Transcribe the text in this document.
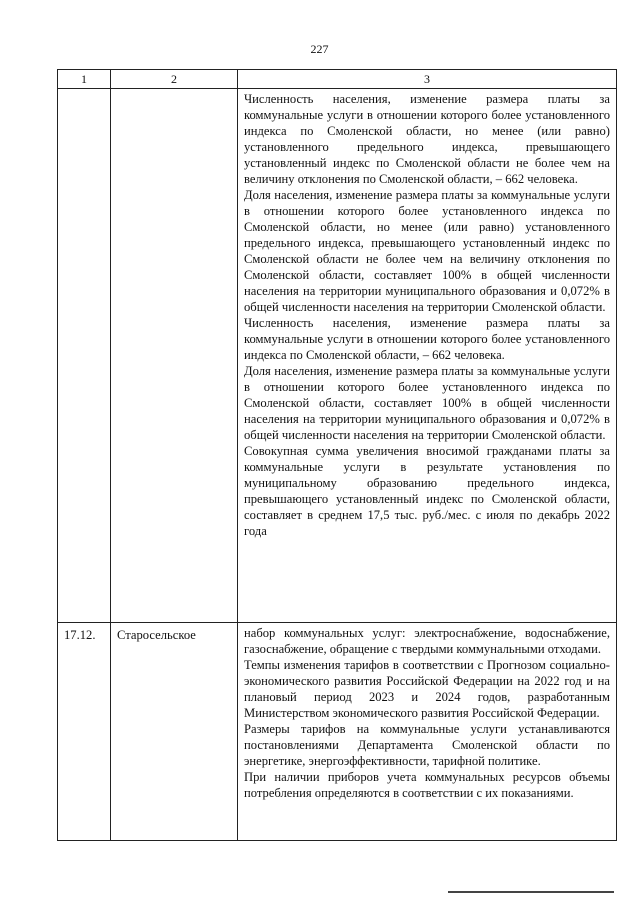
227
1	2	3

		Численность населения, изменение размера платы за коммунальные услуги в отношении которого более установленного индекса по Смоленской области, но менее (или равно) установленного предельного индекса, превышающего установленный индекс по Смоленской области не более чем на величину отклонения по Смоленской области, – 662 человека.

Доля населения, изменение размера платы за коммунальные услуги в отношении которого более установленного индекса по Смоленской области, но менее (или равно) установленного предельного индекса, превышающего установленный индекс по Смоленской области не более чем на величину отклонения по Смоленской области, составляет 100% в общей численности населения на территории муниципального образования и 0,072% в общей численности населения на территории Смоленской области.

Численность населения, изменение размера платы за коммунальные услуги в отношении которого более установленного индекса по Смоленской области, – 662 человека.

Доля населения, изменение размера платы за коммунальные услуги в отношении которого более установленного индекса по Смоленской области, составляет 100% в общей численности населения на территории муниципального образования и 0,072% в общей численности населения на территории Смоленской области.

Совокупная сумма увеличения вносимой гражданами платы за коммунальные услуги в результате установления по муниципальному образованию предельного индекса, превышающего установленный индекс по Смоленской области, составляет в среднем 17,5 тыс. руб./мес. с июля по декабрь 2022 года

17.12.	Старосельское	набор коммунальных услуг: электроснабжение, водоснабжение, газоснабжение, обращение с твердыми коммунальными отходами.

Темпы изменения тарифов в соответствии с Прогнозом социально-экономического развития Российской Федерации на 2022 год и на плановый период 2023 и 2024 годов, разработанным Министерством экономического развития Российской Федерации.

Размеры тарифов на коммунальные услуги устанавливаются постановлениями Департамента Смоленской области по энергетике, энергоэффективности, тарифной политике.

При наличии приборов учета коммунальных ресурсов объемы потребления определяются в соответствии с их показаниями.
